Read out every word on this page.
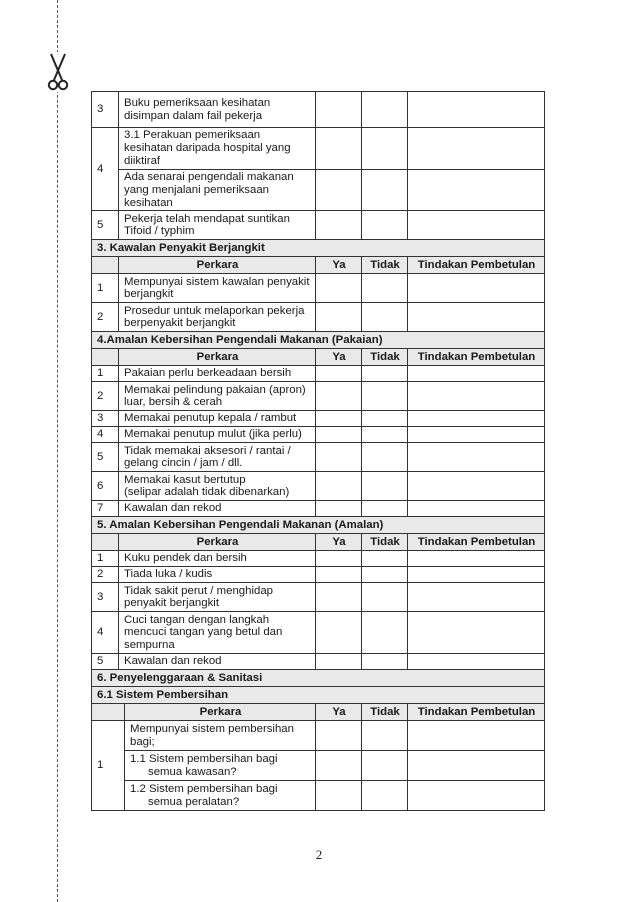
3	Buku pemeriksaan kesihatan disimpan dalam fail pekerja			
4	3.1 Perakuan pemeriksaan kesihatan daripada hospital yang diiktiraf			
	Ada senarai pengendali makanan yang menjalani pemeriksaan kesihatan			
5	Pekerja telah mendapat suntikan Tifoid / typhim			
3. Kawalan Penyakit Berjangkit				
	Perkara	Ya	Tidak	Tindakan Pembetulan
1	Mempunyai sistem kawalan penyakit berjangkit			
2	Prosedur untuk melaporkan pekerja berpenyakit berjangkit			
4.Amalan Kebersihan Pengendali Makanan (Pakaian)				
	Perkara	Ya	Tidak	Tindakan Pembetulan
1	Pakaian perlu berkeadaan bersih			
2	Memakai pelindung pakaian (apron) luar, bersih & cerah			
3	Memakai penutup kepala / rambut			
4	Memakai penutup mulut (jika perlu)			
5	Tidak memakai aksesori / rantai / gelang cincin / jam / dll.			
6	Memakai kasut bertutup
(selipar adalah tidak dibenarkan)			

7	Kawalan dan rekod			
5. Amalan Kebersihan Pengendali Makanan (Amalan)				
	Perkara	Ya	Tidak	Tindakan Pembetulan
1	Kuku pendek dan bersih			
2	Tiada luka / kudis			
3	Tidak sakit perut / menghidap penyakit berjangkit			
4	Cuci tangan dengan langkah mencuci tangan yang betul dan sempurna			
5	Kawalan dan rekod			
6. Penyelenggaraan & Sanitasi				
6.1 Sistem Pembersihan				
	Perkara	Ya	Tidak	Tindakan Pembetulan
1	Mempunyai sistem pembersihan bagi;			

	1.1 Sistem pembersihan bagi
semua kawasan?			

	1.2 Sistem pembersihan bagi
semua peralatan?			

2
